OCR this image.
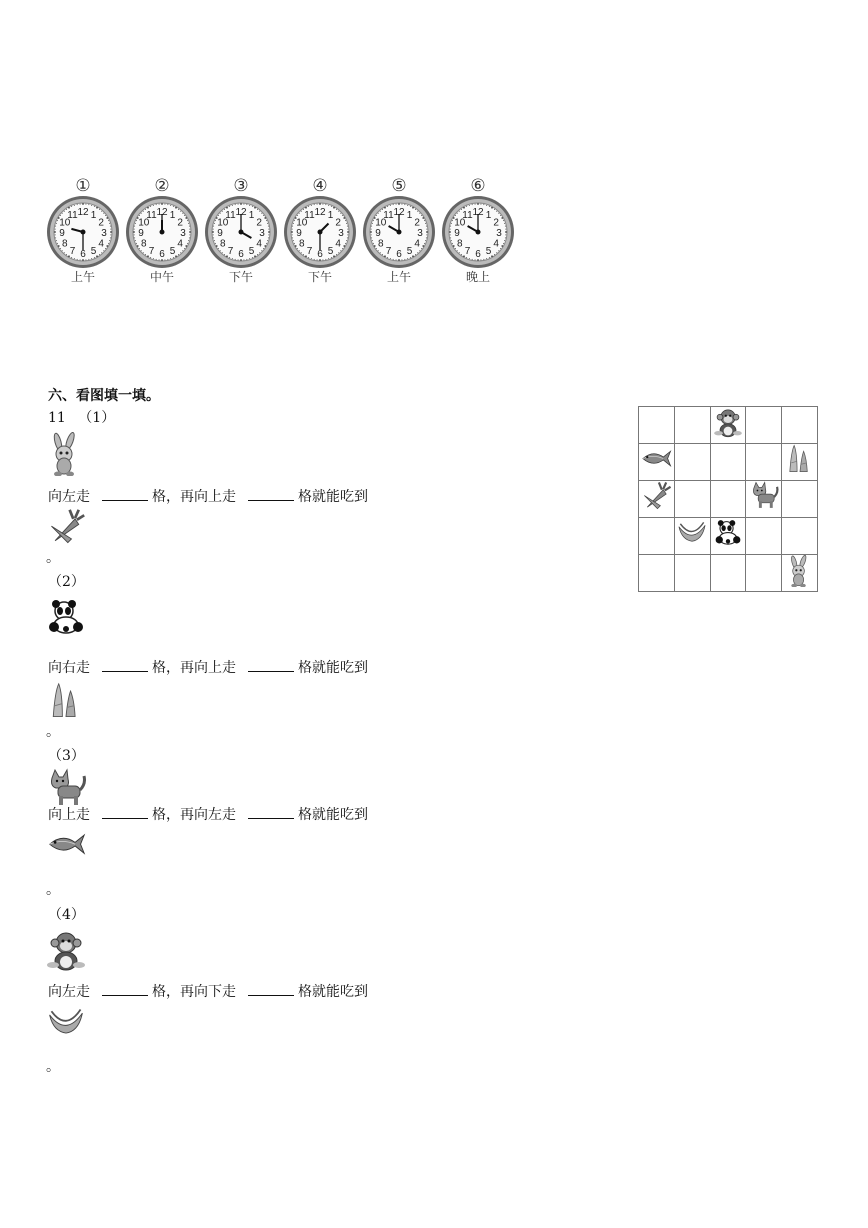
①
12 1
2
3
4
5
6
7
8
9
10
11
上午
②
12 1
2
3
4
5
6
7
8
9
10
11
中午
③
12 1
2
3
4
5
6
7
8
9
10
11
下午
④
12 1
2
3
4
5
6
7
8
9
10
11
下午
⑤
12 1
2
3
4
5
6
7
8
9
10
11
上午
⑥
12 1
2
3
4
5
6
7
8
9
10
11
晚上
六、看图填一填。
11 （1）
向左走	格，再向上走	格就能吃到
。
（2）
向右走	格，再向上走	格就能吃到
。
（3）
向上走	格，再向左走	格就能吃到
。
（4）
向左走	格，再向下走	格就能吃到
。
